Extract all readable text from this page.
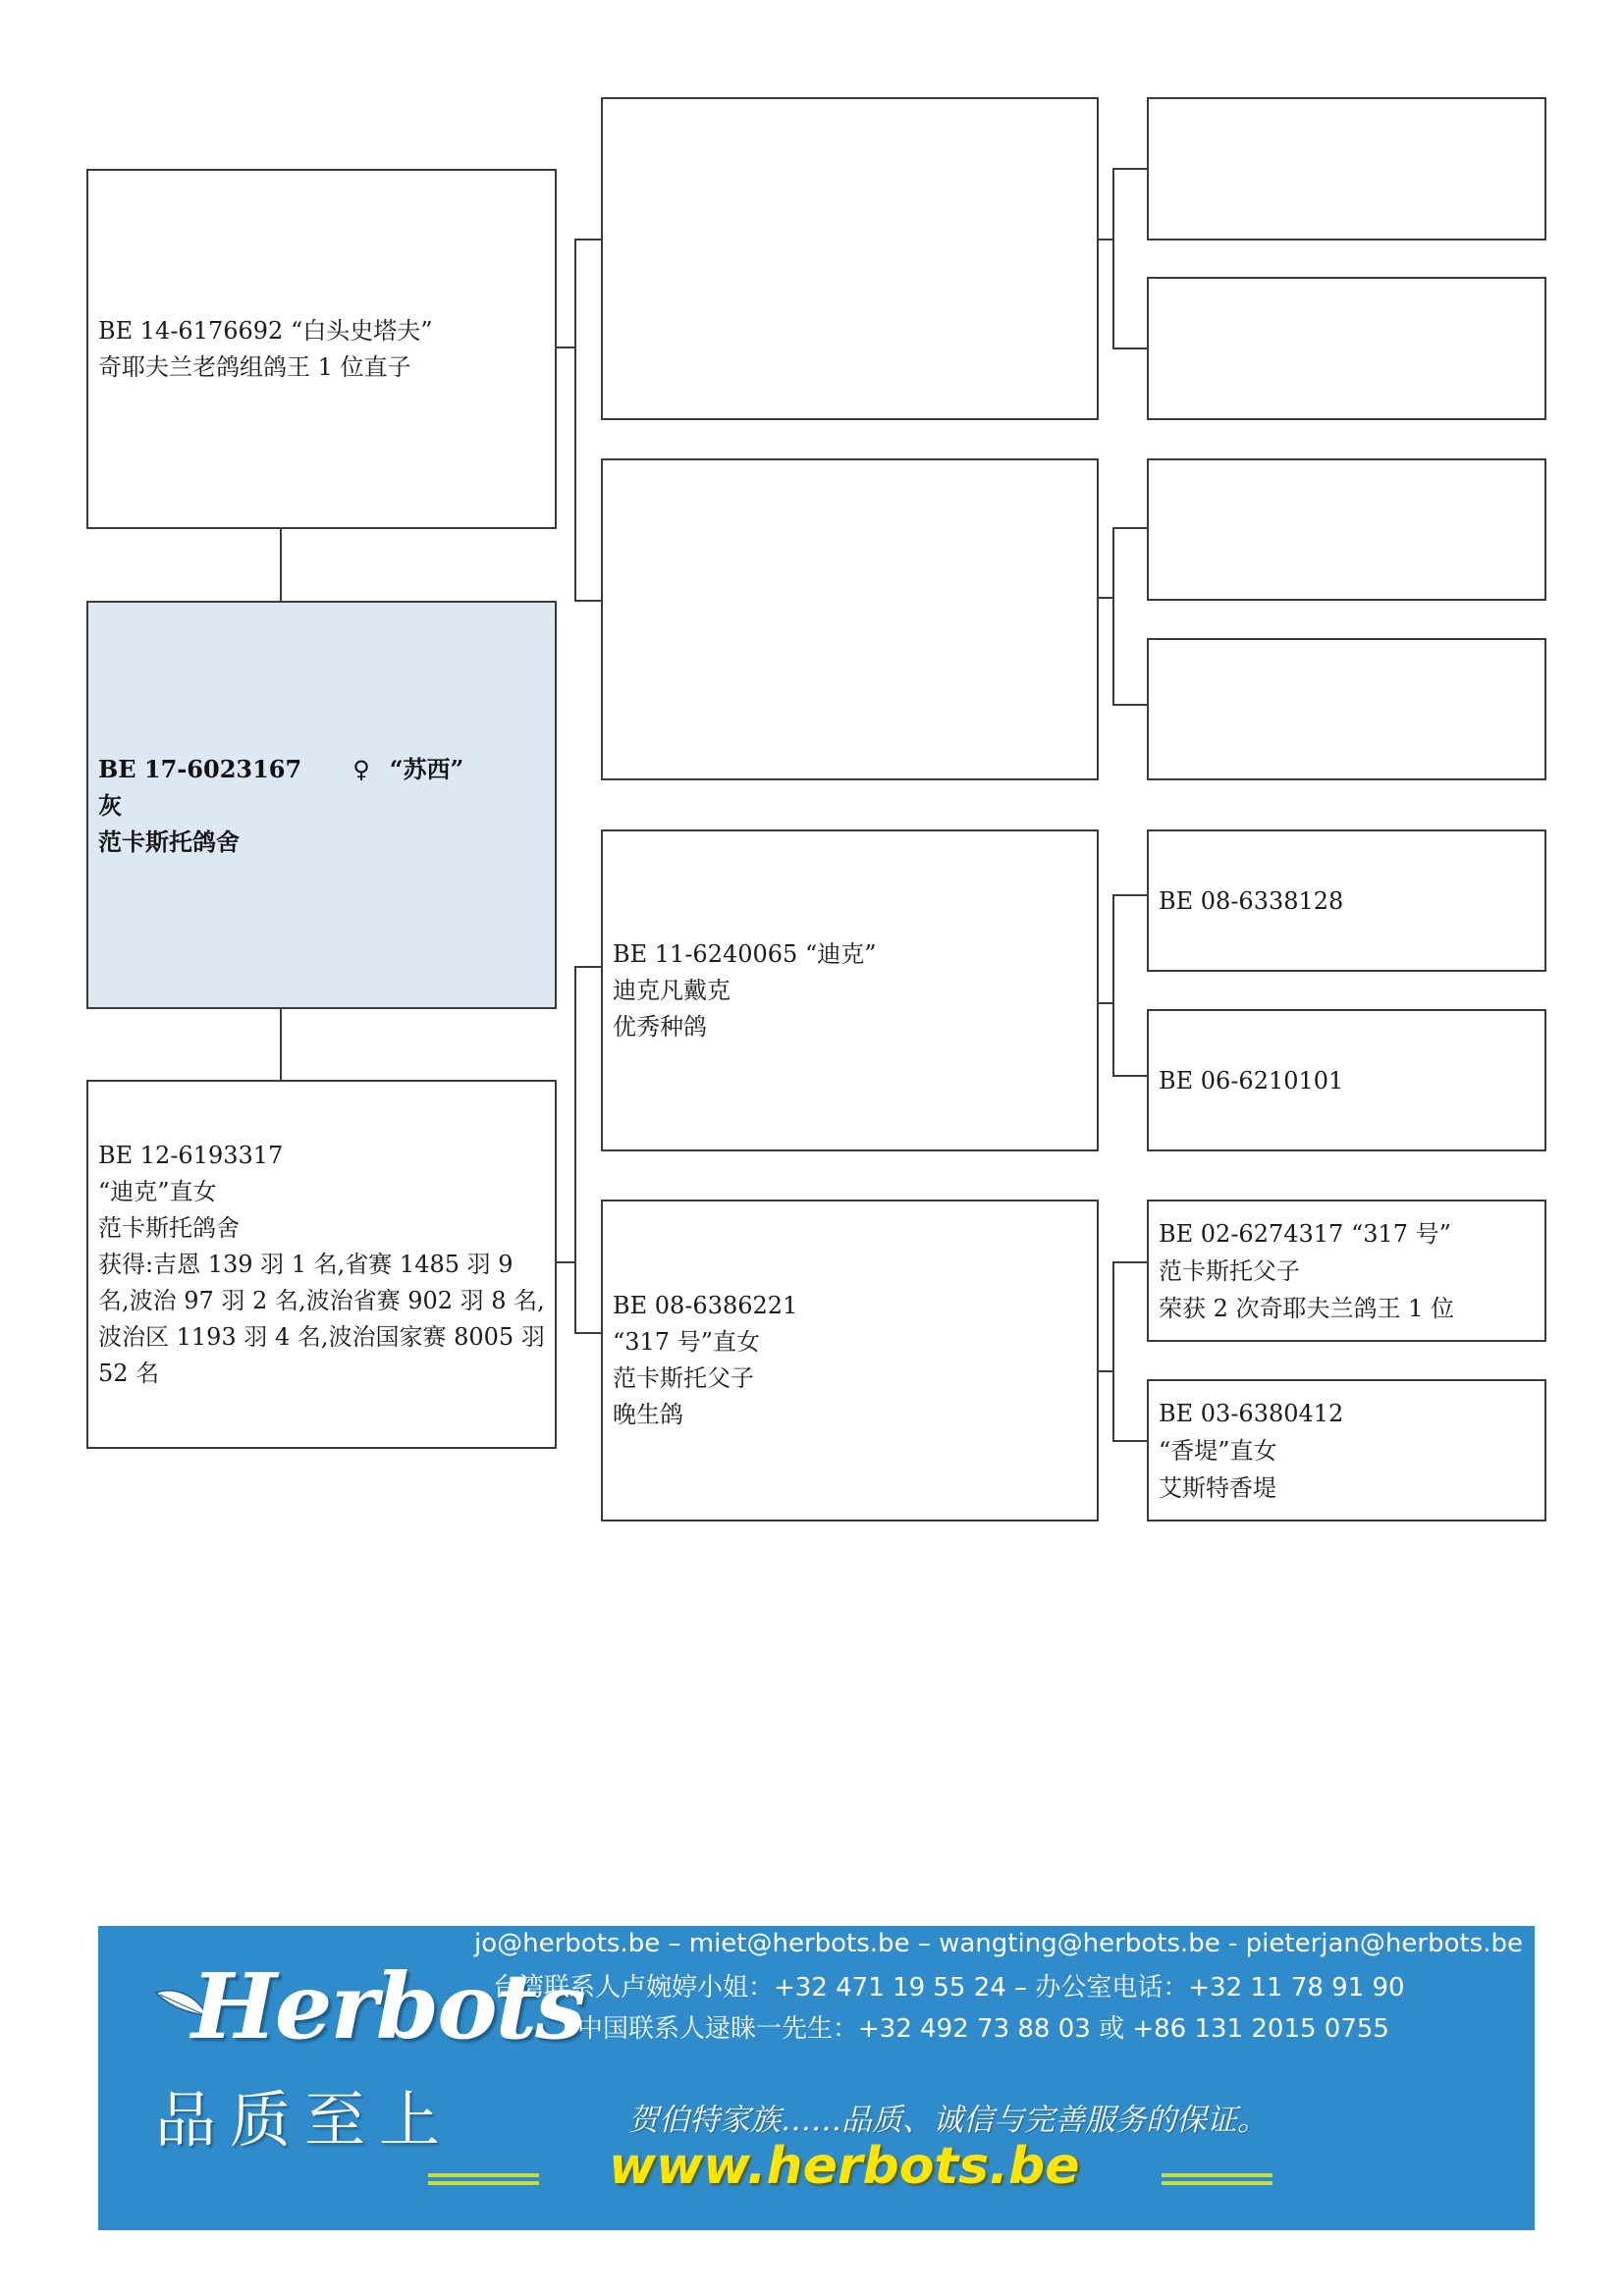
BE 14-6176692 “白头史塔夫”
奇耶夫兰老鸽组鸽王 1 位直子
BE 17-6023167 ♀ “苏西”
灰
范卡斯托鸽舍
BE 12-6193317
“迪克”直女
范卡斯托鸽舍
获得:吉恩 139 羽 1 名,省赛 1485 羽 9 名,波治 97 羽 2 名,波治省赛 902 羽 8 名,波治区 1193 羽 4 名,波治国家赛 8005 羽 52 名
BE 11-6240065 “迪克”
迪克凡戴克
优秀种鸽
BE 08-6386221
“317 号”直女
范卡斯托父子
晚生鸽
BE 08-6338128
BE 06-6210101
BE 02-6274317 “317 号”
范卡斯托父子
荣获 2 次奇耶夫兰鸽王 1 位
BE 03-6380412
“香堤”直女
艾斯特香堤
Herbots
品质至上
jo@herbots.be – miet@herbots.be – wangting@herbots.be - pieterjan@herbots.be
台湾联系人卢婉婷小姐：+32 471 19 55 24 – 办公室电话：+32 11 78 91 90
中国联系人逯睐一先生：+32 492 73 88 03 或 +86 131 2015 0755
贺伯特家族……品质、诚信与完善服务的保证。
www.herbots.be
